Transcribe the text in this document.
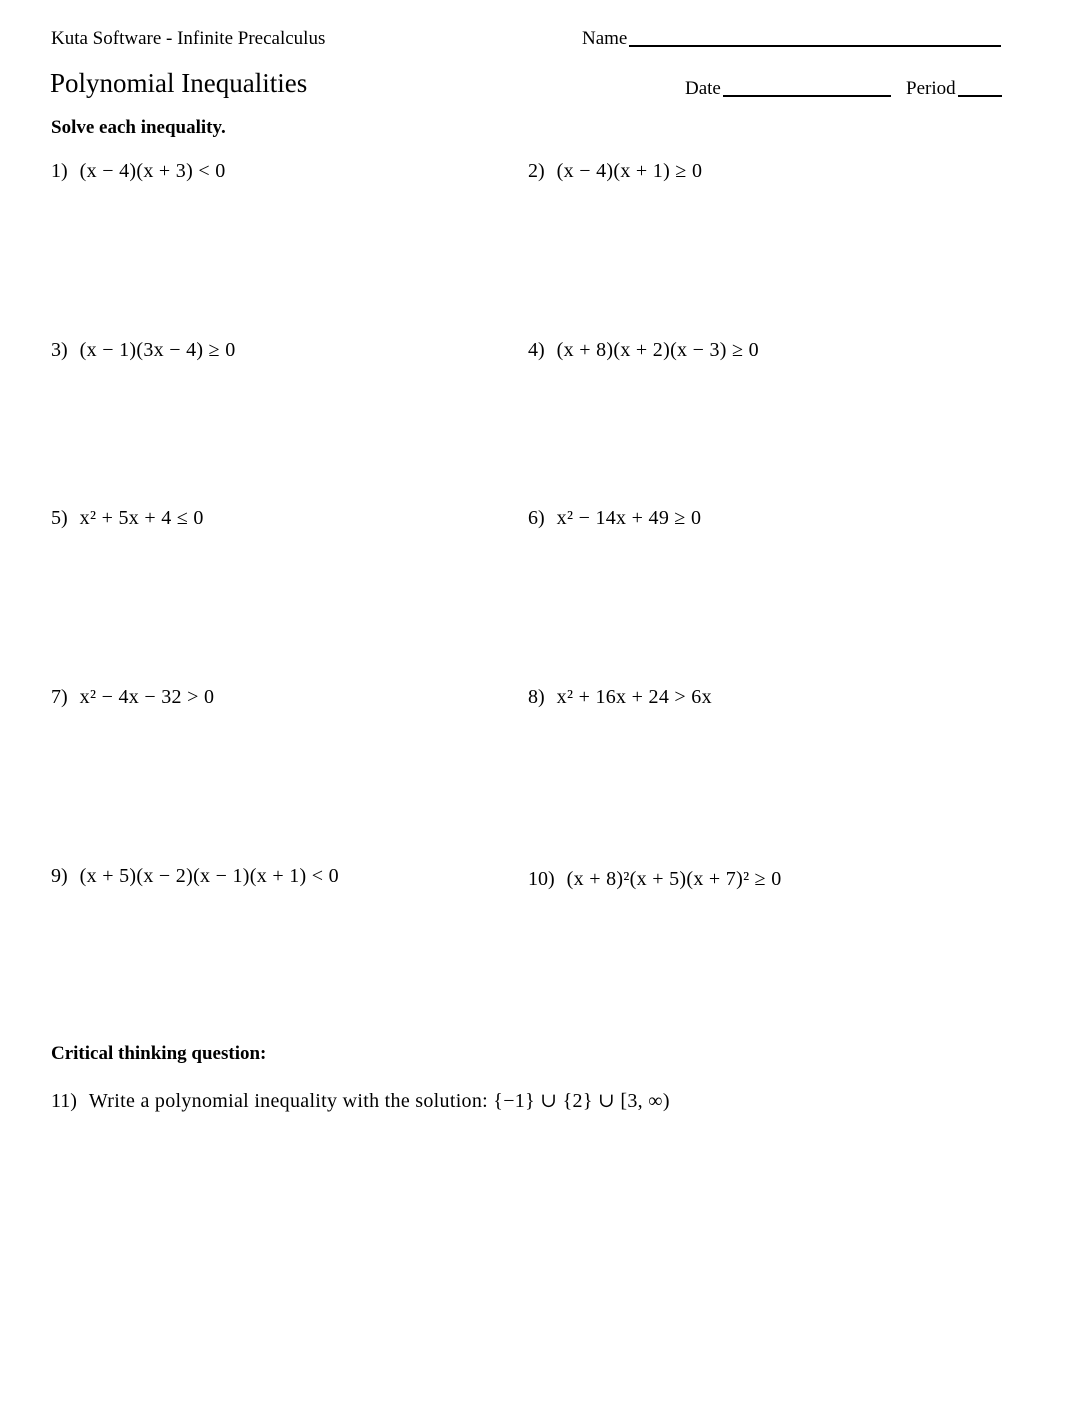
Kuta Software - Infinite Precalculus	Name
Polynomial Inequalities	Date	Period
Solve each inequality.
1) (x − 4)(x + 3) < 0	2) (x − 4)(x + 1) ≥ 0
3) (x − 1)(3x − 4) ≥ 0	4) (x + 8)(x + 2)(x − 3) ≥ 0
5) x² + 5x + 4 ≤ 0	6) x² − 14x + 49 ≥ 0
7) x² − 4x − 32 > 0	8) x² + 16x + 24 > 6x
9) (x + 5)(x − 2)(x − 1)(x + 1) < 0	10) (x + 8)²(x + 5)(x + 7)² ≥ 0
Critical thinking question:
11) Write a polynomial inequality with the solution: {−1} ∪ {2} ∪ [3, ∞)
